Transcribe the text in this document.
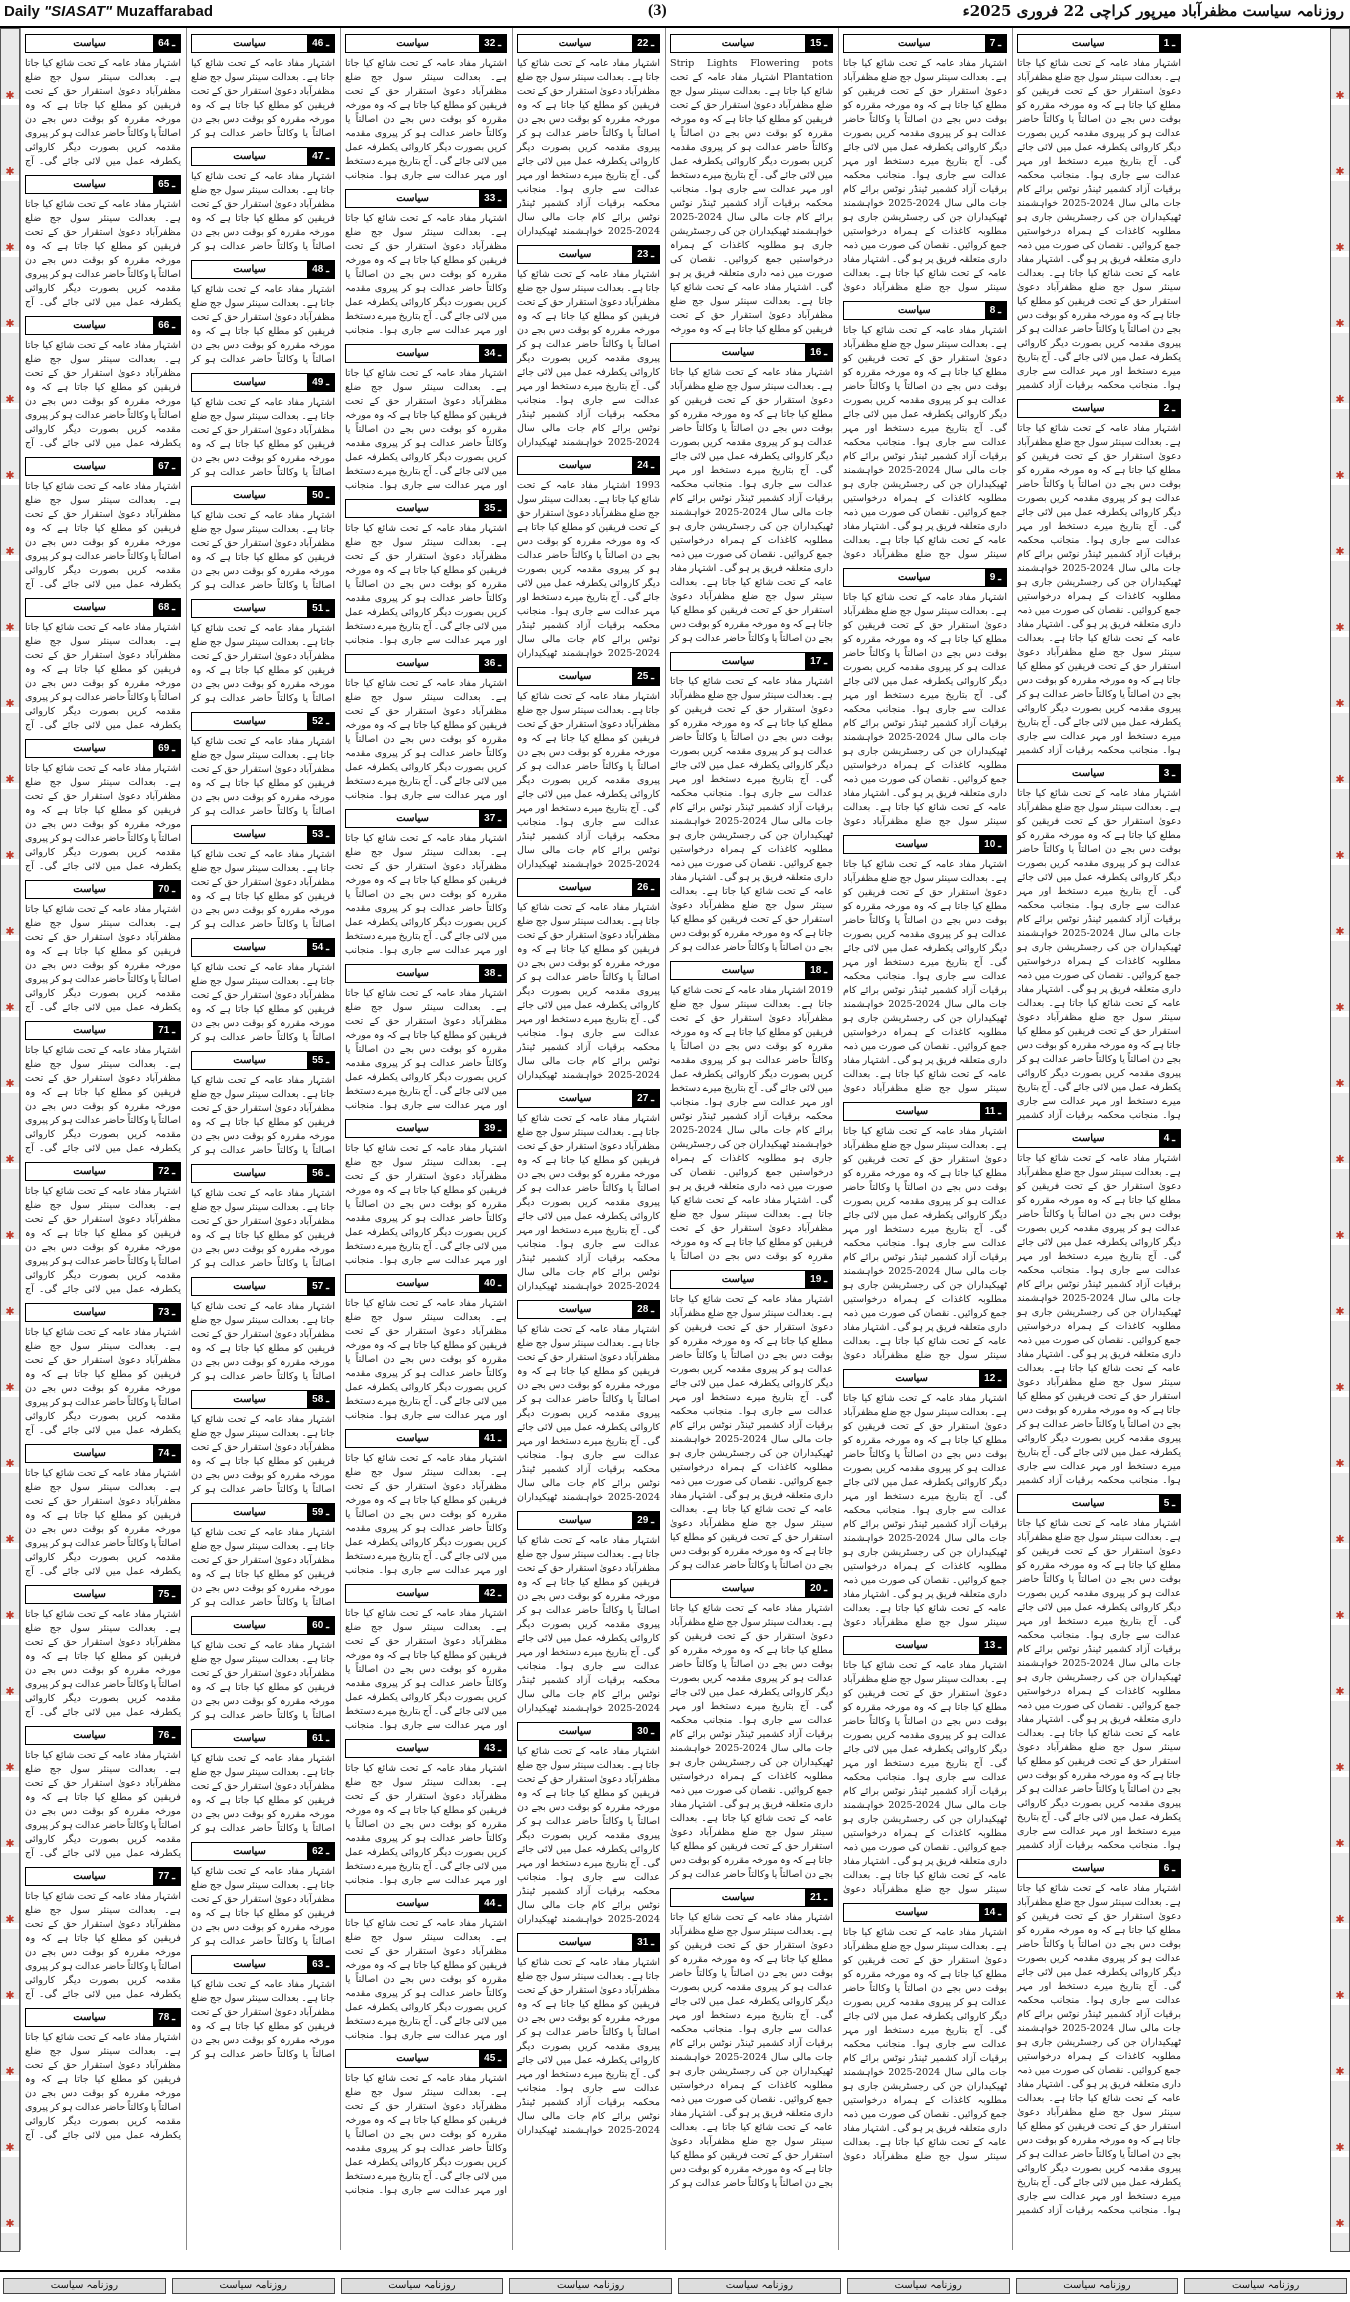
Daily "SIASAT" Muzaffarabad	(3)	روزنامہ سیاست مظفرآباد میرپور کراچی 22 فروری 2025ء
✱
✱
✱
✱
✱
✱
✱
✱
✱
✱
✱
✱
✱
✱
✱
✱
✱
✱
✱
✱
✱
✱
✱
✱
✱
✱
✱
✱
✱
✱
✱
✱
✱
✱
✱
✱
✱
✱
✱
✱
✱
✱
✱
✱
✱
✱
✱
✱
✱
✱
✱
✱
✱
✱
✱
✱
✱
✱
سیاست	1 ـ
اشتہار مفاد عامہ کے تحت شائع کیا جاتا ہے۔ بعدالت سینئر سول جج ضلع مظفرآباد دعویٰ استقرار حق کے تحت فریقین کو مطلع کیا جاتا ہے کہ وہ مورخہ مقررہ کو بوقت دس بجے دن اصالتاً یا وکالتاً حاضر عدالت ہو کر پیروی مقدمہ کریں بصورت دیگر کاروائی یکطرفہ عمل میں لائی جائے گی۔ آج بتاریخ میرے دستخط اور مہر عدالت سے جاری ہوا۔ منجانب محکمہ برقیات آزاد کشمیر ٹینڈر نوٹس برائے کام جات مالی سال 2024-2025 خواہشمند ٹھیکیداران جن کی رجسٹریشن جاری ہو مطلوبہ کاغذات کے ہمراہ درخواستیں جمع کروائیں۔ نقصان کی صورت میں ذمہ داری متعلقہ فریق پر ہو گی۔ اشتہار مفاد عامہ کے تحت شائع کیا جاتا ہے۔ بعدالت سینئر سول جج ضلع مظفرآباد دعویٰ استقرار حق کے تحت فریقین کو مطلع کیا جاتا ہے کہ وہ مورخہ مقررہ کو بوقت دس بجے دن اصالتاً یا وکالتاً حاضر عدالت ہو کر پیروی مقدمہ کریں بصورت دیگر کاروائی یکطرفہ عمل میں لائی جائے گی۔ آج بتاریخ میرے دستخط اور مہر عدالت سے جاری ہوا۔ منجانب محکمہ برقیات آزاد کشمیر
سیاست	2 ـ
اشتہار مفاد عامہ کے تحت شائع کیا جاتا ہے۔ بعدالت سینئر سول جج ضلع مظفرآباد دعویٰ استقرار حق کے تحت فریقین کو مطلع کیا جاتا ہے کہ وہ مورخہ مقررہ کو بوقت دس بجے دن اصالتاً یا وکالتاً حاضر عدالت ہو کر پیروی مقدمہ کریں بصورت دیگر کاروائی یکطرفہ عمل میں لائی جائے گی۔ آج بتاریخ میرے دستخط اور مہر عدالت سے جاری ہوا۔ منجانب محکمہ برقیات آزاد کشمیر ٹینڈر نوٹس برائے کام جات مالی سال 2024-2025 خواہشمند ٹھیکیداران جن کی رجسٹریشن جاری ہو مطلوبہ کاغذات کے ہمراہ درخواستیں جمع کروائیں۔ نقصان کی صورت میں ذمہ داری متعلقہ فریق پر ہو گی۔ اشتہار مفاد عامہ کے تحت شائع کیا جاتا ہے۔ بعدالت سینئر سول جج ضلع مظفرآباد دعویٰ استقرار حق کے تحت فریقین کو مطلع کیا جاتا ہے کہ وہ مورخہ مقررہ کو بوقت دس بجے دن اصالتاً یا وکالتاً حاضر عدالت ہو کر پیروی مقدمہ کریں بصورت دیگر کاروائی یکطرفہ عمل میں لائی جائے گی۔ آج بتاریخ میرے دستخط اور مہر عدالت سے جاری ہوا۔ منجانب محکمہ برقیات آزاد کشمیر
سیاست	3 ـ
اشتہار مفاد عامہ کے تحت شائع کیا جاتا ہے۔ بعدالت سینئر سول جج ضلع مظفرآباد دعویٰ استقرار حق کے تحت فریقین کو مطلع کیا جاتا ہے کہ وہ مورخہ مقررہ کو بوقت دس بجے دن اصالتاً یا وکالتاً حاضر عدالت ہو کر پیروی مقدمہ کریں بصورت دیگر کاروائی یکطرفہ عمل میں لائی جائے گی۔ آج بتاریخ میرے دستخط اور مہر عدالت سے جاری ہوا۔ منجانب محکمہ برقیات آزاد کشمیر ٹینڈر نوٹس برائے کام جات مالی سال 2024-2025 خواہشمند ٹھیکیداران جن کی رجسٹریشن جاری ہو مطلوبہ کاغذات کے ہمراہ درخواستیں جمع کروائیں۔ نقصان کی صورت میں ذمہ داری متعلقہ فریق پر ہو گی۔ اشتہار مفاد عامہ کے تحت شائع کیا جاتا ہے۔ بعدالت سینئر سول جج ضلع مظفرآباد دعویٰ استقرار حق کے تحت فریقین کو مطلع کیا جاتا ہے کہ وہ مورخہ مقررہ کو بوقت دس بجے دن اصالتاً یا وکالتاً حاضر عدالت ہو کر پیروی مقدمہ کریں بصورت دیگر کاروائی یکطرفہ عمل میں لائی جائے گی۔ آج بتاریخ میرے دستخط اور مہر عدالت سے جاری ہوا۔ منجانب محکمہ برقیات آزاد کشمیر
سیاست	4 ـ
اشتہار مفاد عامہ کے تحت شائع کیا جاتا ہے۔ بعدالت سینئر سول جج ضلع مظفرآباد دعویٰ استقرار حق کے تحت فریقین کو مطلع کیا جاتا ہے کہ وہ مورخہ مقررہ کو بوقت دس بجے دن اصالتاً یا وکالتاً حاضر عدالت ہو کر پیروی مقدمہ کریں بصورت دیگر کاروائی یکطرفہ عمل میں لائی جائے گی۔ آج بتاریخ میرے دستخط اور مہر عدالت سے جاری ہوا۔ منجانب محکمہ برقیات آزاد کشمیر ٹینڈر نوٹس برائے کام جات مالی سال 2024-2025 خواہشمند ٹھیکیداران جن کی رجسٹریشن جاری ہو مطلوبہ کاغذات کے ہمراہ درخواستیں جمع کروائیں۔ نقصان کی صورت میں ذمہ داری متعلقہ فریق پر ہو گی۔ اشتہار مفاد عامہ کے تحت شائع کیا جاتا ہے۔ بعدالت سینئر سول جج ضلع مظفرآباد دعویٰ استقرار حق کے تحت فریقین کو مطلع کیا جاتا ہے کہ وہ مورخہ مقررہ کو بوقت دس بجے دن اصالتاً یا وکالتاً حاضر عدالت ہو کر پیروی مقدمہ کریں بصورت دیگر کاروائی یکطرفہ عمل میں لائی جائے گی۔ آج بتاریخ میرے دستخط اور مہر عدالت سے جاری ہوا۔ منجانب محکمہ برقیات آزاد کشمیر
سیاست	5 ـ
اشتہار مفاد عامہ کے تحت شائع کیا جاتا ہے۔ بعدالت سینئر سول جج ضلع مظفرآباد دعویٰ استقرار حق کے تحت فریقین کو مطلع کیا جاتا ہے کہ وہ مورخہ مقررہ کو بوقت دس بجے دن اصالتاً یا وکالتاً حاضر عدالت ہو کر پیروی مقدمہ کریں بصورت دیگر کاروائی یکطرفہ عمل میں لائی جائے گی۔ آج بتاریخ میرے دستخط اور مہر عدالت سے جاری ہوا۔ منجانب محکمہ برقیات آزاد کشمیر ٹینڈر نوٹس برائے کام جات مالی سال 2024-2025 خواہشمند ٹھیکیداران جن کی رجسٹریشن جاری ہو مطلوبہ کاغذات کے ہمراہ درخواستیں جمع کروائیں۔ نقصان کی صورت میں ذمہ داری متعلقہ فریق پر ہو گی۔ اشتہار مفاد عامہ کے تحت شائع کیا جاتا ہے۔ بعدالت سینئر سول جج ضلع مظفرآباد دعویٰ استقرار حق کے تحت فریقین کو مطلع کیا جاتا ہے کہ وہ مورخہ مقررہ کو بوقت دس بجے دن اصالتاً یا وکالتاً حاضر عدالت ہو کر پیروی مقدمہ کریں بصورت دیگر کاروائی یکطرفہ عمل میں لائی جائے گی۔ آج بتاریخ میرے دستخط اور مہر عدالت سے جاری ہوا۔ منجانب محکمہ برقیات آزاد کشمیر
سیاست	6 ـ
اشتہار مفاد عامہ کے تحت شائع کیا جاتا ہے۔ بعدالت سینئر سول جج ضلع مظفرآباد دعویٰ استقرار حق کے تحت فریقین کو مطلع کیا جاتا ہے کہ وہ مورخہ مقررہ کو بوقت دس بجے دن اصالتاً یا وکالتاً حاضر عدالت ہو کر پیروی مقدمہ کریں بصورت دیگر کاروائی یکطرفہ عمل میں لائی جائے گی۔ آج بتاریخ میرے دستخط اور مہر عدالت سے جاری ہوا۔ منجانب محکمہ برقیات آزاد کشمیر ٹینڈر نوٹس برائے کام جات مالی سال 2024-2025 خواہشمند ٹھیکیداران جن کی رجسٹریشن جاری ہو مطلوبہ کاغذات کے ہمراہ درخواستیں جمع کروائیں۔ نقصان کی صورت میں ذمہ داری متعلقہ فریق پر ہو گی۔ اشتہار مفاد عامہ کے تحت شائع کیا جاتا ہے۔ بعدالت سینئر سول جج ضلع مظفرآباد دعویٰ استقرار حق کے تحت فریقین کو مطلع کیا جاتا ہے کہ وہ مورخہ مقررہ کو بوقت دس بجے دن اصالتاً یا وکالتاً حاضر عدالت ہو کر پیروی مقدمہ کریں بصورت دیگر کاروائی یکطرفہ عمل میں لائی جائے گی۔ آج بتاریخ میرے دستخط اور مہر عدالت سے جاری ہوا۔ منجانب محکمہ برقیات آزاد کشمیر
سیاست	7 ـ
اشتہار مفاد عامہ کے تحت شائع کیا جاتا ہے۔ بعدالت سینئر سول جج ضلع مظفرآباد دعویٰ استقرار حق کے تحت فریقین کو مطلع کیا جاتا ہے کہ وہ مورخہ مقررہ کو بوقت دس بجے دن اصالتاً یا وکالتاً حاضر عدالت ہو کر پیروی مقدمہ کریں بصورت دیگر کاروائی یکطرفہ عمل میں لائی جائے گی۔ آج بتاریخ میرے دستخط اور مہر عدالت سے جاری ہوا۔ منجانب محکمہ برقیات آزاد کشمیر ٹینڈر نوٹس برائے کام جات مالی سال 2024-2025 خواہشمند ٹھیکیداران جن کی رجسٹریشن جاری ہو مطلوبہ کاغذات کے ہمراہ درخواستیں جمع کروائیں۔ نقصان کی صورت میں ذمہ داری متعلقہ فریق پر ہو گی۔ اشتہار مفاد عامہ کے تحت شائع کیا جاتا ہے۔ بعدالت سینئر سول جج ضلع مظفرآباد دعویٰ
سیاست	8 ـ
اشتہار مفاد عامہ کے تحت شائع کیا جاتا ہے۔ بعدالت سینئر سول جج ضلع مظفرآباد دعویٰ استقرار حق کے تحت فریقین کو مطلع کیا جاتا ہے کہ وہ مورخہ مقررہ کو بوقت دس بجے دن اصالتاً یا وکالتاً حاضر عدالت ہو کر پیروی مقدمہ کریں بصورت دیگر کاروائی یکطرفہ عمل میں لائی جائے گی۔ آج بتاریخ میرے دستخط اور مہر عدالت سے جاری ہوا۔ منجانب محکمہ برقیات آزاد کشمیر ٹینڈر نوٹس برائے کام جات مالی سال 2024-2025 خواہشمند ٹھیکیداران جن کی رجسٹریشن جاری ہو مطلوبہ کاغذات کے ہمراہ درخواستیں جمع کروائیں۔ نقصان کی صورت میں ذمہ داری متعلقہ فریق پر ہو گی۔ اشتہار مفاد عامہ کے تحت شائع کیا جاتا ہے۔ بعدالت سینئر سول جج ضلع مظفرآباد دعویٰ
سیاست	9 ـ
اشتہار مفاد عامہ کے تحت شائع کیا جاتا ہے۔ بعدالت سینئر سول جج ضلع مظفرآباد دعویٰ استقرار حق کے تحت فریقین کو مطلع کیا جاتا ہے کہ وہ مورخہ مقررہ کو بوقت دس بجے دن اصالتاً یا وکالتاً حاضر عدالت ہو کر پیروی مقدمہ کریں بصورت دیگر کاروائی یکطرفہ عمل میں لائی جائے گی۔ آج بتاریخ میرے دستخط اور مہر عدالت سے جاری ہوا۔ منجانب محکمہ برقیات آزاد کشمیر ٹینڈر نوٹس برائے کام جات مالی سال 2024-2025 خواہشمند ٹھیکیداران جن کی رجسٹریشن جاری ہو مطلوبہ کاغذات کے ہمراہ درخواستیں جمع کروائیں۔ نقصان کی صورت میں ذمہ داری متعلقہ فریق پر ہو گی۔ اشتہار مفاد عامہ کے تحت شائع کیا جاتا ہے۔ بعدالت سینئر سول جج ضلع مظفرآباد دعویٰ
سیاست	10 ـ
اشتہار مفاد عامہ کے تحت شائع کیا جاتا ہے۔ بعدالت سینئر سول جج ضلع مظفرآباد دعویٰ استقرار حق کے تحت فریقین کو مطلع کیا جاتا ہے کہ وہ مورخہ مقررہ کو بوقت دس بجے دن اصالتاً یا وکالتاً حاضر عدالت ہو کر پیروی مقدمہ کریں بصورت دیگر کاروائی یکطرفہ عمل میں لائی جائے گی۔ آج بتاریخ میرے دستخط اور مہر عدالت سے جاری ہوا۔ منجانب محکمہ برقیات آزاد کشمیر ٹینڈر نوٹس برائے کام جات مالی سال 2024-2025 خواہشمند ٹھیکیداران جن کی رجسٹریشن جاری ہو مطلوبہ کاغذات کے ہمراہ درخواستیں جمع کروائیں۔ نقصان کی صورت میں ذمہ داری متعلقہ فریق پر ہو گی۔ اشتہار مفاد عامہ کے تحت شائع کیا جاتا ہے۔ بعدالت سینئر سول جج ضلع مظفرآباد دعویٰ
سیاست	11 ـ
اشتہار مفاد عامہ کے تحت شائع کیا جاتا ہے۔ بعدالت سینئر سول جج ضلع مظفرآباد دعویٰ استقرار حق کے تحت فریقین کو مطلع کیا جاتا ہے کہ وہ مورخہ مقررہ کو بوقت دس بجے دن اصالتاً یا وکالتاً حاضر عدالت ہو کر پیروی مقدمہ کریں بصورت دیگر کاروائی یکطرفہ عمل میں لائی جائے گی۔ آج بتاریخ میرے دستخط اور مہر عدالت سے جاری ہوا۔ منجانب محکمہ برقیات آزاد کشمیر ٹینڈر نوٹس برائے کام جات مالی سال 2024-2025 خواہشمند ٹھیکیداران جن کی رجسٹریشن جاری ہو مطلوبہ کاغذات کے ہمراہ درخواستیں جمع کروائیں۔ نقصان کی صورت میں ذمہ داری متعلقہ فریق پر ہو گی۔ اشتہار مفاد عامہ کے تحت شائع کیا جاتا ہے۔ بعدالت سینئر سول جج ضلع مظفرآباد دعویٰ
سیاست	12 ـ
اشتہار مفاد عامہ کے تحت شائع کیا جاتا ہے۔ بعدالت سینئر سول جج ضلع مظفرآباد دعویٰ استقرار حق کے تحت فریقین کو مطلع کیا جاتا ہے کہ وہ مورخہ مقررہ کو بوقت دس بجے دن اصالتاً یا وکالتاً حاضر عدالت ہو کر پیروی مقدمہ کریں بصورت دیگر کاروائی یکطرفہ عمل میں لائی جائے گی۔ آج بتاریخ میرے دستخط اور مہر عدالت سے جاری ہوا۔ منجانب محکمہ برقیات آزاد کشمیر ٹینڈر نوٹس برائے کام جات مالی سال 2024-2025 خواہشمند ٹھیکیداران جن کی رجسٹریشن جاری ہو مطلوبہ کاغذات کے ہمراہ درخواستیں جمع کروائیں۔ نقصان کی صورت میں ذمہ داری متعلقہ فریق پر ہو گی۔ اشتہار مفاد عامہ کے تحت شائع کیا جاتا ہے۔ بعدالت سینئر سول جج ضلع مظفرآباد دعویٰ
سیاست	13 ـ
اشتہار مفاد عامہ کے تحت شائع کیا جاتا ہے۔ بعدالت سینئر سول جج ضلع مظفرآباد دعویٰ استقرار حق کے تحت فریقین کو مطلع کیا جاتا ہے کہ وہ مورخہ مقررہ کو بوقت دس بجے دن اصالتاً یا وکالتاً حاضر عدالت ہو کر پیروی مقدمہ کریں بصورت دیگر کاروائی یکطرفہ عمل میں لائی جائے گی۔ آج بتاریخ میرے دستخط اور مہر عدالت سے جاری ہوا۔ منجانب محکمہ برقیات آزاد کشمیر ٹینڈر نوٹس برائے کام جات مالی سال 2024-2025 خواہشمند ٹھیکیداران جن کی رجسٹریشن جاری ہو مطلوبہ کاغذات کے ہمراہ درخواستیں جمع کروائیں۔ نقصان کی صورت میں ذمہ داری متعلقہ فریق پر ہو گی۔ اشتہار مفاد عامہ کے تحت شائع کیا جاتا ہے۔ بعدالت سینئر سول جج ضلع مظفرآباد دعویٰ
سیاست	14 ـ
اشتہار مفاد عامہ کے تحت شائع کیا جاتا ہے۔ بعدالت سینئر سول جج ضلع مظفرآباد دعویٰ استقرار حق کے تحت فریقین کو مطلع کیا جاتا ہے کہ وہ مورخہ مقررہ کو بوقت دس بجے دن اصالتاً یا وکالتاً حاضر عدالت ہو کر پیروی مقدمہ کریں بصورت دیگر کاروائی یکطرفہ عمل میں لائی جائے گی۔ آج بتاریخ میرے دستخط اور مہر عدالت سے جاری ہوا۔ منجانب محکمہ برقیات آزاد کشمیر ٹینڈر نوٹس برائے کام جات مالی سال 2024-2025 خواہشمند ٹھیکیداران جن کی رجسٹریشن جاری ہو مطلوبہ کاغذات کے ہمراہ درخواستیں جمع کروائیں۔ نقصان کی صورت میں ذمہ داری متعلقہ فریق پر ہو گی۔ اشتہار مفاد عامہ کے تحت شائع کیا جاتا ہے۔ بعدالت سینئر سول جج ضلع مظفرآباد دعویٰ
سیاست	15 ـ
Strip Lights Flowering pots Plantation اشتہار مفاد عامہ کے تحت شائع کیا جاتا ہے۔ بعدالت سینئر سول جج ضلع مظفرآباد دعویٰ استقرار حق کے تحت فریقین کو مطلع کیا جاتا ہے کہ وہ مورخہ مقررہ کو بوقت دس بجے دن اصالتاً یا وکالتاً حاضر عدالت ہو کر پیروی مقدمہ کریں بصورت دیگر کاروائی یکطرفہ عمل میں لائی جائے گی۔ آج بتاریخ میرے دستخط اور مہر عدالت سے جاری ہوا۔ منجانب محکمہ برقیات آزاد کشمیر ٹینڈر نوٹس برائے کام جات مالی سال 2024-2025 خواہشمند ٹھیکیداران جن کی رجسٹریشن جاری ہو مطلوبہ کاغذات کے ہمراہ درخواستیں جمع کروائیں۔ نقصان کی صورت میں ذمہ داری متعلقہ فریق پر ہو گی۔ اشتہار مفاد عامہ کے تحت شائع کیا جاتا ہے۔ بعدالت سینئر سول جج ضلع مظفرآباد دعویٰ استقرار حق کے تحت فریقین کو مطلع کیا جاتا ہے کہ وہ مورخہ
سیاست	16 ـ
اشتہار مفاد عامہ کے تحت شائع کیا جاتا ہے۔ بعدالت سینئر سول جج ضلع مظفرآباد دعویٰ استقرار حق کے تحت فریقین کو مطلع کیا جاتا ہے کہ وہ مورخہ مقررہ کو بوقت دس بجے دن اصالتاً یا وکالتاً حاضر عدالت ہو کر پیروی مقدمہ کریں بصورت دیگر کاروائی یکطرفہ عمل میں لائی جائے گی۔ آج بتاریخ میرے دستخط اور مہر عدالت سے جاری ہوا۔ منجانب محکمہ برقیات آزاد کشمیر ٹینڈر نوٹس برائے کام جات مالی سال 2024-2025 خواہشمند ٹھیکیداران جن کی رجسٹریشن جاری ہو مطلوبہ کاغذات کے ہمراہ درخواستیں جمع کروائیں۔ نقصان کی صورت میں ذمہ داری متعلقہ فریق پر ہو گی۔ اشتہار مفاد عامہ کے تحت شائع کیا جاتا ہے۔ بعدالت سینئر سول جج ضلع مظفرآباد دعویٰ استقرار حق کے تحت فریقین کو مطلع کیا جاتا ہے کہ وہ مورخہ مقررہ کو بوقت دس بجے دن اصالتاً یا وکالتاً حاضر عدالت ہو کر
سیاست	17 ـ
اشتہار مفاد عامہ کے تحت شائع کیا جاتا ہے۔ بعدالت سینئر سول جج ضلع مظفرآباد دعویٰ استقرار حق کے تحت فریقین کو مطلع کیا جاتا ہے کہ وہ مورخہ مقررہ کو بوقت دس بجے دن اصالتاً یا وکالتاً حاضر عدالت ہو کر پیروی مقدمہ کریں بصورت دیگر کاروائی یکطرفہ عمل میں لائی جائے گی۔ آج بتاریخ میرے دستخط اور مہر عدالت سے جاری ہوا۔ منجانب محکمہ برقیات آزاد کشمیر ٹینڈر نوٹس برائے کام جات مالی سال 2024-2025 خواہشمند ٹھیکیداران جن کی رجسٹریشن جاری ہو مطلوبہ کاغذات کے ہمراہ درخواستیں جمع کروائیں۔ نقصان کی صورت میں ذمہ داری متعلقہ فریق پر ہو گی۔ اشتہار مفاد عامہ کے تحت شائع کیا جاتا ہے۔ بعدالت سینئر سول جج ضلع مظفرآباد دعویٰ استقرار حق کے تحت فریقین کو مطلع کیا جاتا ہے کہ وہ مورخہ مقررہ کو بوقت دس بجے دن اصالتاً یا وکالتاً حاضر عدالت ہو کر
سیاست	18 ـ
2019 اشتہار مفاد عامہ کے تحت شائع کیا جاتا ہے۔ بعدالت سینئر سول جج ضلع مظفرآباد دعویٰ استقرار حق کے تحت فریقین کو مطلع کیا جاتا ہے کہ وہ مورخہ مقررہ کو بوقت دس بجے دن اصالتاً یا وکالتاً حاضر عدالت ہو کر پیروی مقدمہ کریں بصورت دیگر کاروائی یکطرفہ عمل میں لائی جائے گی۔ آج بتاریخ میرے دستخط اور مہر عدالت سے جاری ہوا۔ منجانب محکمہ برقیات آزاد کشمیر ٹینڈر نوٹس برائے کام جات مالی سال 2024-2025 خواہشمند ٹھیکیداران جن کی رجسٹریشن جاری ہو مطلوبہ کاغذات کے ہمراہ درخواستیں جمع کروائیں۔ نقصان کی صورت میں ذمہ داری متعلقہ فریق پر ہو گی۔ اشتہار مفاد عامہ کے تحت شائع کیا جاتا ہے۔ بعدالت سینئر سول جج ضلع مظفرآباد دعویٰ استقرار حق کے تحت فریقین کو مطلع کیا جاتا ہے کہ وہ مورخہ مقررہ کو بوقت دس بجے دن اصالتاً یا
سیاست	19 ـ
اشتہار مفاد عامہ کے تحت شائع کیا جاتا ہے۔ بعدالت سینئر سول جج ضلع مظفرآباد دعویٰ استقرار حق کے تحت فریقین کو مطلع کیا جاتا ہے کہ وہ مورخہ مقررہ کو بوقت دس بجے دن اصالتاً یا وکالتاً حاضر عدالت ہو کر پیروی مقدمہ کریں بصورت دیگر کاروائی یکطرفہ عمل میں لائی جائے گی۔ آج بتاریخ میرے دستخط اور مہر عدالت سے جاری ہوا۔ منجانب محکمہ برقیات آزاد کشمیر ٹینڈر نوٹس برائے کام جات مالی سال 2024-2025 خواہشمند ٹھیکیداران جن کی رجسٹریشن جاری ہو مطلوبہ کاغذات کے ہمراہ درخواستیں جمع کروائیں۔ نقصان کی صورت میں ذمہ داری متعلقہ فریق پر ہو گی۔ اشتہار مفاد عامہ کے تحت شائع کیا جاتا ہے۔ بعدالت سینئر سول جج ضلع مظفرآباد دعویٰ استقرار حق کے تحت فریقین کو مطلع کیا جاتا ہے کہ وہ مورخہ مقررہ کو بوقت دس بجے دن اصالتاً یا وکالتاً حاضر عدالت ہو کر
سیاست	20 ـ
اشتہار مفاد عامہ کے تحت شائع کیا جاتا ہے۔ بعدالت سینئر سول جج ضلع مظفرآباد دعویٰ استقرار حق کے تحت فریقین کو مطلع کیا جاتا ہے کہ وہ مورخہ مقررہ کو بوقت دس بجے دن اصالتاً یا وکالتاً حاضر عدالت ہو کر پیروی مقدمہ کریں بصورت دیگر کاروائی یکطرفہ عمل میں لائی جائے گی۔ آج بتاریخ میرے دستخط اور مہر عدالت سے جاری ہوا۔ منجانب محکمہ برقیات آزاد کشمیر ٹینڈر نوٹس برائے کام جات مالی سال 2024-2025 خواہشمند ٹھیکیداران جن کی رجسٹریشن جاری ہو مطلوبہ کاغذات کے ہمراہ درخواستیں جمع کروائیں۔ نقصان کی صورت میں ذمہ داری متعلقہ فریق پر ہو گی۔ اشتہار مفاد عامہ کے تحت شائع کیا جاتا ہے۔ بعدالت سینئر سول جج ضلع مظفرآباد دعویٰ استقرار حق کے تحت فریقین کو مطلع کیا جاتا ہے کہ وہ مورخہ مقررہ کو بوقت دس بجے دن اصالتاً یا وکالتاً حاضر عدالت ہو کر
سیاست	21 ـ
اشتہار مفاد عامہ کے تحت شائع کیا جاتا ہے۔ بعدالت سینئر سول جج ضلع مظفرآباد دعویٰ استقرار حق کے تحت فریقین کو مطلع کیا جاتا ہے کہ وہ مورخہ مقررہ کو بوقت دس بجے دن اصالتاً یا وکالتاً حاضر عدالت ہو کر پیروی مقدمہ کریں بصورت دیگر کاروائی یکطرفہ عمل میں لائی جائے گی۔ آج بتاریخ میرے دستخط اور مہر عدالت سے جاری ہوا۔ منجانب محکمہ برقیات آزاد کشمیر ٹینڈر نوٹس برائے کام جات مالی سال 2024-2025 خواہشمند ٹھیکیداران جن کی رجسٹریشن جاری ہو مطلوبہ کاغذات کے ہمراہ درخواستیں جمع کروائیں۔ نقصان کی صورت میں ذمہ داری متعلقہ فریق پر ہو گی۔ اشتہار مفاد عامہ کے تحت شائع کیا جاتا ہے۔ بعدالت سینئر سول جج ضلع مظفرآباد دعویٰ استقرار حق کے تحت فریقین کو مطلع کیا جاتا ہے کہ وہ مورخہ مقررہ کو بوقت دس بجے دن اصالتاً یا وکالتاً حاضر عدالت ہو کر
سیاست	22 ـ
اشتہار مفاد عامہ کے تحت شائع کیا جاتا ہے۔ بعدالت سینئر سول جج ضلع مظفرآباد دعویٰ استقرار حق کے تحت فریقین کو مطلع کیا جاتا ہے کہ وہ مورخہ مقررہ کو بوقت دس بجے دن اصالتاً یا وکالتاً حاضر عدالت ہو کر پیروی مقدمہ کریں بصورت دیگر کاروائی یکطرفہ عمل میں لائی جائے گی۔ آج بتاریخ میرے دستخط اور مہر عدالت سے جاری ہوا۔ منجانب محکمہ برقیات آزاد کشمیر ٹینڈر نوٹس برائے کام جات مالی سال 2024-2025 خواہشمند ٹھیکیداران
سیاست	23 ـ
اشتہار مفاد عامہ کے تحت شائع کیا جاتا ہے۔ بعدالت سینئر سول جج ضلع مظفرآباد دعویٰ استقرار حق کے تحت فریقین کو مطلع کیا جاتا ہے کہ وہ مورخہ مقررہ کو بوقت دس بجے دن اصالتاً یا وکالتاً حاضر عدالت ہو کر پیروی مقدمہ کریں بصورت دیگر کاروائی یکطرفہ عمل میں لائی جائے گی۔ آج بتاریخ میرے دستخط اور مہر عدالت سے جاری ہوا۔ منجانب محکمہ برقیات آزاد کشمیر ٹینڈر نوٹس برائے کام جات مالی سال 2024-2025 خواہشمند ٹھیکیداران
سیاست	24 ـ
1993 اشتہار مفاد عامہ کے تحت شائع کیا جاتا ہے۔ بعدالت سینئر سول جج ضلع مظفرآباد دعویٰ استقرار حق کے تحت فریقین کو مطلع کیا جاتا ہے کہ وہ مورخہ مقررہ کو بوقت دس بجے دن اصالتاً یا وکالتاً حاضر عدالت ہو کر پیروی مقدمہ کریں بصورت دیگر کاروائی یکطرفہ عمل میں لائی جائے گی۔ آج بتاریخ میرے دستخط اور مہر عدالت سے جاری ہوا۔ منجانب محکمہ برقیات آزاد کشمیر ٹینڈر نوٹس برائے کام جات مالی سال 2024-2025 خواہشمند ٹھیکیداران
سیاست	25 ـ
اشتہار مفاد عامہ کے تحت شائع کیا جاتا ہے۔ بعدالت سینئر سول جج ضلع مظفرآباد دعویٰ استقرار حق کے تحت فریقین کو مطلع کیا جاتا ہے کہ وہ مورخہ مقررہ کو بوقت دس بجے دن اصالتاً یا وکالتاً حاضر عدالت ہو کر پیروی مقدمہ کریں بصورت دیگر کاروائی یکطرفہ عمل میں لائی جائے گی۔ آج بتاریخ میرے دستخط اور مہر عدالت سے جاری ہوا۔ منجانب محکمہ برقیات آزاد کشمیر ٹینڈر نوٹس برائے کام جات مالی سال 2024-2025 خواہشمند ٹھیکیداران
سیاست	26 ـ
اشتہار مفاد عامہ کے تحت شائع کیا جاتا ہے۔ بعدالت سینئر سول جج ضلع مظفرآباد دعویٰ استقرار حق کے تحت فریقین کو مطلع کیا جاتا ہے کہ وہ مورخہ مقررہ کو بوقت دس بجے دن اصالتاً یا وکالتاً حاضر عدالت ہو کر پیروی مقدمہ کریں بصورت دیگر کاروائی یکطرفہ عمل میں لائی جائے گی۔ آج بتاریخ میرے دستخط اور مہر عدالت سے جاری ہوا۔ منجانب محکمہ برقیات آزاد کشمیر ٹینڈر نوٹس برائے کام جات مالی سال 2024-2025 خواہشمند ٹھیکیداران
سیاست	27 ـ
اشتہار مفاد عامہ کے تحت شائع کیا جاتا ہے۔ بعدالت سینئر سول جج ضلع مظفرآباد دعویٰ استقرار حق کے تحت فریقین کو مطلع کیا جاتا ہے کہ وہ مورخہ مقررہ کو بوقت دس بجے دن اصالتاً یا وکالتاً حاضر عدالت ہو کر پیروی مقدمہ کریں بصورت دیگر کاروائی یکطرفہ عمل میں لائی جائے گی۔ آج بتاریخ میرے دستخط اور مہر عدالت سے جاری ہوا۔ منجانب محکمہ برقیات آزاد کشمیر ٹینڈر نوٹس برائے کام جات مالی سال 2024-2025 خواہشمند ٹھیکیداران
سیاست	28 ـ
اشتہار مفاد عامہ کے تحت شائع کیا جاتا ہے۔ بعدالت سینئر سول جج ضلع مظفرآباد دعویٰ استقرار حق کے تحت فریقین کو مطلع کیا جاتا ہے کہ وہ مورخہ مقررہ کو بوقت دس بجے دن اصالتاً یا وکالتاً حاضر عدالت ہو کر پیروی مقدمہ کریں بصورت دیگر کاروائی یکطرفہ عمل میں لائی جائے گی۔ آج بتاریخ میرے دستخط اور مہر عدالت سے جاری ہوا۔ منجانب محکمہ برقیات آزاد کشمیر ٹینڈر نوٹس برائے کام جات مالی سال 2024-2025 خواہشمند ٹھیکیداران
سیاست	29 ـ
اشتہار مفاد عامہ کے تحت شائع کیا جاتا ہے۔ بعدالت سینئر سول جج ضلع مظفرآباد دعویٰ استقرار حق کے تحت فریقین کو مطلع کیا جاتا ہے کہ وہ مورخہ مقررہ کو بوقت دس بجے دن اصالتاً یا وکالتاً حاضر عدالت ہو کر پیروی مقدمہ کریں بصورت دیگر کاروائی یکطرفہ عمل میں لائی جائے گی۔ آج بتاریخ میرے دستخط اور مہر عدالت سے جاری ہوا۔ منجانب محکمہ برقیات آزاد کشمیر ٹینڈر نوٹس برائے کام جات مالی سال 2024-2025 خواہشمند ٹھیکیداران
سیاست	30 ـ
اشتہار مفاد عامہ کے تحت شائع کیا جاتا ہے۔ بعدالت سینئر سول جج ضلع مظفرآباد دعویٰ استقرار حق کے تحت فریقین کو مطلع کیا جاتا ہے کہ وہ مورخہ مقررہ کو بوقت دس بجے دن اصالتاً یا وکالتاً حاضر عدالت ہو کر پیروی مقدمہ کریں بصورت دیگر کاروائی یکطرفہ عمل میں لائی جائے گی۔ آج بتاریخ میرے دستخط اور مہر عدالت سے جاری ہوا۔ منجانب محکمہ برقیات آزاد کشمیر ٹینڈر نوٹس برائے کام جات مالی سال 2024-2025 خواہشمند ٹھیکیداران
سیاست	31 ـ
اشتہار مفاد عامہ کے تحت شائع کیا جاتا ہے۔ بعدالت سینئر سول جج ضلع مظفرآباد دعویٰ استقرار حق کے تحت فریقین کو مطلع کیا جاتا ہے کہ وہ مورخہ مقررہ کو بوقت دس بجے دن اصالتاً یا وکالتاً حاضر عدالت ہو کر پیروی مقدمہ کریں بصورت دیگر کاروائی یکطرفہ عمل میں لائی جائے گی۔ آج بتاریخ میرے دستخط اور مہر عدالت سے جاری ہوا۔ منجانب محکمہ برقیات آزاد کشمیر ٹینڈر نوٹس برائے کام جات مالی سال 2024-2025 خواہشمند ٹھیکیداران
سیاست	32 ـ
اشتہار مفاد عامہ کے تحت شائع کیا جاتا ہے۔ بعدالت سینئر سول جج ضلع مظفرآباد دعویٰ استقرار حق کے تحت فریقین کو مطلع کیا جاتا ہے کہ وہ مورخہ مقررہ کو بوقت دس بجے دن اصالتاً یا وکالتاً حاضر عدالت ہو کر پیروی مقدمہ کریں بصورت دیگر کاروائی یکطرفہ عمل میں لائی جائے گی۔ آج بتاریخ میرے دستخط اور مہر عدالت سے جاری ہوا۔ منجانب
سیاست	33 ـ
اشتہار مفاد عامہ کے تحت شائع کیا جاتا ہے۔ بعدالت سینئر سول جج ضلع مظفرآباد دعویٰ استقرار حق کے تحت فریقین کو مطلع کیا جاتا ہے کہ وہ مورخہ مقررہ کو بوقت دس بجے دن اصالتاً یا وکالتاً حاضر عدالت ہو کر پیروی مقدمہ کریں بصورت دیگر کاروائی یکطرفہ عمل میں لائی جائے گی۔ آج بتاریخ میرے دستخط اور مہر عدالت سے جاری ہوا۔ منجانب
سیاست	34 ـ
اشتہار مفاد عامہ کے تحت شائع کیا جاتا ہے۔ بعدالت سینئر سول جج ضلع مظفرآباد دعویٰ استقرار حق کے تحت فریقین کو مطلع کیا جاتا ہے کہ وہ مورخہ مقررہ کو بوقت دس بجے دن اصالتاً یا وکالتاً حاضر عدالت ہو کر پیروی مقدمہ کریں بصورت دیگر کاروائی یکطرفہ عمل میں لائی جائے گی۔ آج بتاریخ میرے دستخط اور مہر عدالت سے جاری ہوا۔ منجانب
سیاست	35 ـ
اشتہار مفاد عامہ کے تحت شائع کیا جاتا ہے۔ بعدالت سینئر سول جج ضلع مظفرآباد دعویٰ استقرار حق کے تحت فریقین کو مطلع کیا جاتا ہے کہ وہ مورخہ مقررہ کو بوقت دس بجے دن اصالتاً یا وکالتاً حاضر عدالت ہو کر پیروی مقدمہ کریں بصورت دیگر کاروائی یکطرفہ عمل میں لائی جائے گی۔ آج بتاریخ میرے دستخط اور مہر عدالت سے جاری ہوا۔ منجانب
سیاست	36 ـ
اشتہار مفاد عامہ کے تحت شائع کیا جاتا ہے۔ بعدالت سینئر سول جج ضلع مظفرآباد دعویٰ استقرار حق کے تحت فریقین کو مطلع کیا جاتا ہے کہ وہ مورخہ مقررہ کو بوقت دس بجے دن اصالتاً یا وکالتاً حاضر عدالت ہو کر پیروی مقدمہ کریں بصورت دیگر کاروائی یکطرفہ عمل میں لائی جائے گی۔ آج بتاریخ میرے دستخط اور مہر عدالت سے جاری ہوا۔ منجانب
سیاست	37 ـ
اشتہار مفاد عامہ کے تحت شائع کیا جاتا ہے۔ بعدالت سینئر سول جج ضلع مظفرآباد دعویٰ استقرار حق کے تحت فریقین کو مطلع کیا جاتا ہے کہ وہ مورخہ مقررہ کو بوقت دس بجے دن اصالتاً یا وکالتاً حاضر عدالت ہو کر پیروی مقدمہ کریں بصورت دیگر کاروائی یکطرفہ عمل میں لائی جائے گی۔ آج بتاریخ میرے دستخط اور مہر عدالت سے جاری ہوا۔ منجانب
سیاست	38 ـ
اشتہار مفاد عامہ کے تحت شائع کیا جاتا ہے۔ بعدالت سینئر سول جج ضلع مظفرآباد دعویٰ استقرار حق کے تحت فریقین کو مطلع کیا جاتا ہے کہ وہ مورخہ مقررہ کو بوقت دس بجے دن اصالتاً یا وکالتاً حاضر عدالت ہو کر پیروی مقدمہ کریں بصورت دیگر کاروائی یکطرفہ عمل میں لائی جائے گی۔ آج بتاریخ میرے دستخط اور مہر عدالت سے جاری ہوا۔ منجانب
سیاست	39 ـ
اشتہار مفاد عامہ کے تحت شائع کیا جاتا ہے۔ بعدالت سینئر سول جج ضلع مظفرآباد دعویٰ استقرار حق کے تحت فریقین کو مطلع کیا جاتا ہے کہ وہ مورخہ مقررہ کو بوقت دس بجے دن اصالتاً یا وکالتاً حاضر عدالت ہو کر پیروی مقدمہ کریں بصورت دیگر کاروائی یکطرفہ عمل میں لائی جائے گی۔ آج بتاریخ میرے دستخط اور مہر عدالت سے جاری ہوا۔ منجانب
سیاست	40 ـ
اشتہار مفاد عامہ کے تحت شائع کیا جاتا ہے۔ بعدالت سینئر سول جج ضلع مظفرآباد دعویٰ استقرار حق کے تحت فریقین کو مطلع کیا جاتا ہے کہ وہ مورخہ مقررہ کو بوقت دس بجے دن اصالتاً یا وکالتاً حاضر عدالت ہو کر پیروی مقدمہ کریں بصورت دیگر کاروائی یکطرفہ عمل میں لائی جائے گی۔ آج بتاریخ میرے دستخط اور مہر عدالت سے جاری ہوا۔ منجانب
سیاست	41 ـ
اشتہار مفاد عامہ کے تحت شائع کیا جاتا ہے۔ بعدالت سینئر سول جج ضلع مظفرآباد دعویٰ استقرار حق کے تحت فریقین کو مطلع کیا جاتا ہے کہ وہ مورخہ مقررہ کو بوقت دس بجے دن اصالتاً یا وکالتاً حاضر عدالت ہو کر پیروی مقدمہ کریں بصورت دیگر کاروائی یکطرفہ عمل میں لائی جائے گی۔ آج بتاریخ میرے دستخط اور مہر عدالت سے جاری ہوا۔ منجانب
سیاست	42 ـ
اشتہار مفاد عامہ کے تحت شائع کیا جاتا ہے۔ بعدالت سینئر سول جج ضلع مظفرآباد دعویٰ استقرار حق کے تحت فریقین کو مطلع کیا جاتا ہے کہ وہ مورخہ مقررہ کو بوقت دس بجے دن اصالتاً یا وکالتاً حاضر عدالت ہو کر پیروی مقدمہ کریں بصورت دیگر کاروائی یکطرفہ عمل میں لائی جائے گی۔ آج بتاریخ میرے دستخط اور مہر عدالت سے جاری ہوا۔ منجانب
سیاست	43 ـ
اشتہار مفاد عامہ کے تحت شائع کیا جاتا ہے۔ بعدالت سینئر سول جج ضلع مظفرآباد دعویٰ استقرار حق کے تحت فریقین کو مطلع کیا جاتا ہے کہ وہ مورخہ مقررہ کو بوقت دس بجے دن اصالتاً یا وکالتاً حاضر عدالت ہو کر پیروی مقدمہ کریں بصورت دیگر کاروائی یکطرفہ عمل میں لائی جائے گی۔ آج بتاریخ میرے دستخط اور مہر عدالت سے جاری ہوا۔ منجانب
سیاست	44 ـ
اشتہار مفاد عامہ کے تحت شائع کیا جاتا ہے۔ بعدالت سینئر سول جج ضلع مظفرآباد دعویٰ استقرار حق کے تحت فریقین کو مطلع کیا جاتا ہے کہ وہ مورخہ مقررہ کو بوقت دس بجے دن اصالتاً یا وکالتاً حاضر عدالت ہو کر پیروی مقدمہ کریں بصورت دیگر کاروائی یکطرفہ عمل میں لائی جائے گی۔ آج بتاریخ میرے دستخط اور مہر عدالت سے جاری ہوا۔ منجانب
سیاست	45 ـ
اشتہار مفاد عامہ کے تحت شائع کیا جاتا ہے۔ بعدالت سینئر سول جج ضلع مظفرآباد دعویٰ استقرار حق کے تحت فریقین کو مطلع کیا جاتا ہے کہ وہ مورخہ مقررہ کو بوقت دس بجے دن اصالتاً یا وکالتاً حاضر عدالت ہو کر پیروی مقدمہ کریں بصورت دیگر کاروائی یکطرفہ عمل میں لائی جائے گی۔ آج بتاریخ میرے دستخط اور مہر عدالت سے جاری ہوا۔ منجانب
سیاست	46 ـ
اشتہار مفاد عامہ کے تحت شائع کیا جاتا ہے۔ بعدالت سینئر سول جج ضلع مظفرآباد دعویٰ استقرار حق کے تحت فریقین کو مطلع کیا جاتا ہے کہ وہ مورخہ مقررہ کو بوقت دس بجے دن اصالتاً یا وکالتاً حاضر عدالت ہو کر
سیاست	47 ـ
اشتہار مفاد عامہ کے تحت شائع کیا جاتا ہے۔ بعدالت سینئر سول جج ضلع مظفرآباد دعویٰ استقرار حق کے تحت فریقین کو مطلع کیا جاتا ہے کہ وہ مورخہ مقررہ کو بوقت دس بجے دن اصالتاً یا وکالتاً حاضر عدالت ہو کر
سیاست	48 ـ
اشتہار مفاد عامہ کے تحت شائع کیا جاتا ہے۔ بعدالت سینئر سول جج ضلع مظفرآباد دعویٰ استقرار حق کے تحت فریقین کو مطلع کیا جاتا ہے کہ وہ مورخہ مقررہ کو بوقت دس بجے دن اصالتاً یا وکالتاً حاضر عدالت ہو کر
سیاست	49 ـ
اشتہار مفاد عامہ کے تحت شائع کیا جاتا ہے۔ بعدالت سینئر سول جج ضلع مظفرآباد دعویٰ استقرار حق کے تحت فریقین کو مطلع کیا جاتا ہے کہ وہ مورخہ مقررہ کو بوقت دس بجے دن اصالتاً یا وکالتاً حاضر عدالت ہو کر
سیاست	50 ـ
اشتہار مفاد عامہ کے تحت شائع کیا جاتا ہے۔ بعدالت سینئر سول جج ضلع مظفرآباد دعویٰ استقرار حق کے تحت فریقین کو مطلع کیا جاتا ہے کہ وہ مورخہ مقررہ کو بوقت دس بجے دن اصالتاً یا وکالتاً حاضر عدالت ہو کر
سیاست	51 ـ
اشتہار مفاد عامہ کے تحت شائع کیا جاتا ہے۔ بعدالت سینئر سول جج ضلع مظفرآباد دعویٰ استقرار حق کے تحت فریقین کو مطلع کیا جاتا ہے کہ وہ مورخہ مقررہ کو بوقت دس بجے دن اصالتاً یا وکالتاً حاضر عدالت ہو کر
سیاست	52 ـ
اشتہار مفاد عامہ کے تحت شائع کیا جاتا ہے۔ بعدالت سینئر سول جج ضلع مظفرآباد دعویٰ استقرار حق کے تحت فریقین کو مطلع کیا جاتا ہے کہ وہ مورخہ مقررہ کو بوقت دس بجے دن اصالتاً یا وکالتاً حاضر عدالت ہو کر
سیاست	53 ـ
اشتہار مفاد عامہ کے تحت شائع کیا جاتا ہے۔ بعدالت سینئر سول جج ضلع مظفرآباد دعویٰ استقرار حق کے تحت فریقین کو مطلع کیا جاتا ہے کہ وہ مورخہ مقررہ کو بوقت دس بجے دن اصالتاً یا وکالتاً حاضر عدالت ہو کر
سیاست	54 ـ
اشتہار مفاد عامہ کے تحت شائع کیا جاتا ہے۔ بعدالت سینئر سول جج ضلع مظفرآباد دعویٰ استقرار حق کے تحت فریقین کو مطلع کیا جاتا ہے کہ وہ مورخہ مقررہ کو بوقت دس بجے دن اصالتاً یا وکالتاً حاضر عدالت ہو کر
سیاست	55 ـ
اشتہار مفاد عامہ کے تحت شائع کیا جاتا ہے۔ بعدالت سینئر سول جج ضلع مظفرآباد دعویٰ استقرار حق کے تحت فریقین کو مطلع کیا جاتا ہے کہ وہ مورخہ مقررہ کو بوقت دس بجے دن اصالتاً یا وکالتاً حاضر عدالت ہو کر
سیاست	56 ـ
اشتہار مفاد عامہ کے تحت شائع کیا جاتا ہے۔ بعدالت سینئر سول جج ضلع مظفرآباد دعویٰ استقرار حق کے تحت فریقین کو مطلع کیا جاتا ہے کہ وہ مورخہ مقررہ کو بوقت دس بجے دن اصالتاً یا وکالتاً حاضر عدالت ہو کر
سیاست	57 ـ
اشتہار مفاد عامہ کے تحت شائع کیا جاتا ہے۔ بعدالت سینئر سول جج ضلع مظفرآباد دعویٰ استقرار حق کے تحت فریقین کو مطلع کیا جاتا ہے کہ وہ مورخہ مقررہ کو بوقت دس بجے دن اصالتاً یا وکالتاً حاضر عدالت ہو کر
سیاست	58 ـ
اشتہار مفاد عامہ کے تحت شائع کیا جاتا ہے۔ بعدالت سینئر سول جج ضلع مظفرآباد دعویٰ استقرار حق کے تحت فریقین کو مطلع کیا جاتا ہے کہ وہ مورخہ مقررہ کو بوقت دس بجے دن اصالتاً یا وکالتاً حاضر عدالت ہو کر
سیاست	59 ـ
اشتہار مفاد عامہ کے تحت شائع کیا جاتا ہے۔ بعدالت سینئر سول جج ضلع مظفرآباد دعویٰ استقرار حق کے تحت فریقین کو مطلع کیا جاتا ہے کہ وہ مورخہ مقررہ کو بوقت دس بجے دن اصالتاً یا وکالتاً حاضر عدالت ہو کر
سیاست	60 ـ
اشتہار مفاد عامہ کے تحت شائع کیا جاتا ہے۔ بعدالت سینئر سول جج ضلع مظفرآباد دعویٰ استقرار حق کے تحت فریقین کو مطلع کیا جاتا ہے کہ وہ مورخہ مقررہ کو بوقت دس بجے دن اصالتاً یا وکالتاً حاضر عدالت ہو کر
سیاست	61 ـ
اشتہار مفاد عامہ کے تحت شائع کیا جاتا ہے۔ بعدالت سینئر سول جج ضلع مظفرآباد دعویٰ استقرار حق کے تحت فریقین کو مطلع کیا جاتا ہے کہ وہ مورخہ مقررہ کو بوقت دس بجے دن اصالتاً یا وکالتاً حاضر عدالت ہو کر
سیاست	62 ـ
اشتہار مفاد عامہ کے تحت شائع کیا جاتا ہے۔ بعدالت سینئر سول جج ضلع مظفرآباد دعویٰ استقرار حق کے تحت فریقین کو مطلع کیا جاتا ہے کہ وہ مورخہ مقررہ کو بوقت دس بجے دن اصالتاً یا وکالتاً حاضر عدالت ہو کر
سیاست	63 ـ
اشتہار مفاد عامہ کے تحت شائع کیا جاتا ہے۔ بعدالت سینئر سول جج ضلع مظفرآباد دعویٰ استقرار حق کے تحت فریقین کو مطلع کیا جاتا ہے کہ وہ مورخہ مقررہ کو بوقت دس بجے دن اصالتاً یا وکالتاً حاضر عدالت ہو کر
سیاست	64 ـ
اشتہار مفاد عامہ کے تحت شائع کیا جاتا ہے۔ بعدالت سینئر سول جج ضلع مظفرآباد دعویٰ استقرار حق کے تحت فریقین کو مطلع کیا جاتا ہے کہ وہ مورخہ مقررہ کو بوقت دس بجے دن اصالتاً یا وکالتاً حاضر عدالت ہو کر پیروی مقدمہ کریں بصورت دیگر کاروائی یکطرفہ عمل میں لائی جائے گی۔ آج
سیاست	65 ـ
اشتہار مفاد عامہ کے تحت شائع کیا جاتا ہے۔ بعدالت سینئر سول جج ضلع مظفرآباد دعویٰ استقرار حق کے تحت فریقین کو مطلع کیا جاتا ہے کہ وہ مورخہ مقررہ کو بوقت دس بجے دن اصالتاً یا وکالتاً حاضر عدالت ہو کر پیروی مقدمہ کریں بصورت دیگر کاروائی یکطرفہ عمل میں لائی جائے گی۔ آج
سیاست	66 ـ
اشتہار مفاد عامہ کے تحت شائع کیا جاتا ہے۔ بعدالت سینئر سول جج ضلع مظفرآباد دعویٰ استقرار حق کے تحت فریقین کو مطلع کیا جاتا ہے کہ وہ مورخہ مقررہ کو بوقت دس بجے دن اصالتاً یا وکالتاً حاضر عدالت ہو کر پیروی مقدمہ کریں بصورت دیگر کاروائی یکطرفہ عمل میں لائی جائے گی۔ آج
سیاست	67 ـ
اشتہار مفاد عامہ کے تحت شائع کیا جاتا ہے۔ بعدالت سینئر سول جج ضلع مظفرآباد دعویٰ استقرار حق کے تحت فریقین کو مطلع کیا جاتا ہے کہ وہ مورخہ مقررہ کو بوقت دس بجے دن اصالتاً یا وکالتاً حاضر عدالت ہو کر پیروی مقدمہ کریں بصورت دیگر کاروائی یکطرفہ عمل میں لائی جائے گی۔ آج
سیاست	68 ـ
اشتہار مفاد عامہ کے تحت شائع کیا جاتا ہے۔ بعدالت سینئر سول جج ضلع مظفرآباد دعویٰ استقرار حق کے تحت فریقین کو مطلع کیا جاتا ہے کہ وہ مورخہ مقررہ کو بوقت دس بجے دن اصالتاً یا وکالتاً حاضر عدالت ہو کر پیروی مقدمہ کریں بصورت دیگر کاروائی یکطرفہ عمل میں لائی جائے گی۔ آج
سیاست	69 ـ
اشتہار مفاد عامہ کے تحت شائع کیا جاتا ہے۔ بعدالت سینئر سول جج ضلع مظفرآباد دعویٰ استقرار حق کے تحت فریقین کو مطلع کیا جاتا ہے کہ وہ مورخہ مقررہ کو بوقت دس بجے دن اصالتاً یا وکالتاً حاضر عدالت ہو کر پیروی مقدمہ کریں بصورت دیگر کاروائی یکطرفہ عمل میں لائی جائے گی۔ آج
سیاست	70 ـ
اشتہار مفاد عامہ کے تحت شائع کیا جاتا ہے۔ بعدالت سینئر سول جج ضلع مظفرآباد دعویٰ استقرار حق کے تحت فریقین کو مطلع کیا جاتا ہے کہ وہ مورخہ مقررہ کو بوقت دس بجے دن اصالتاً یا وکالتاً حاضر عدالت ہو کر پیروی مقدمہ کریں بصورت دیگر کاروائی یکطرفہ عمل میں لائی جائے گی۔ آج
سیاست	71 ـ
اشتہار مفاد عامہ کے تحت شائع کیا جاتا ہے۔ بعدالت سینئر سول جج ضلع مظفرآباد دعویٰ استقرار حق کے تحت فریقین کو مطلع کیا جاتا ہے کہ وہ مورخہ مقررہ کو بوقت دس بجے دن اصالتاً یا وکالتاً حاضر عدالت ہو کر پیروی مقدمہ کریں بصورت دیگر کاروائی یکطرفہ عمل میں لائی جائے گی۔ آج
سیاست	72 ـ
اشتہار مفاد عامہ کے تحت شائع کیا جاتا ہے۔ بعدالت سینئر سول جج ضلع مظفرآباد دعویٰ استقرار حق کے تحت فریقین کو مطلع کیا جاتا ہے کہ وہ مورخہ مقررہ کو بوقت دس بجے دن اصالتاً یا وکالتاً حاضر عدالت ہو کر پیروی مقدمہ کریں بصورت دیگر کاروائی یکطرفہ عمل میں لائی جائے گی۔ آج
سیاست	73 ـ
اشتہار مفاد عامہ کے تحت شائع کیا جاتا ہے۔ بعدالت سینئر سول جج ضلع مظفرآباد دعویٰ استقرار حق کے تحت فریقین کو مطلع کیا جاتا ہے کہ وہ مورخہ مقررہ کو بوقت دس بجے دن اصالتاً یا وکالتاً حاضر عدالت ہو کر پیروی مقدمہ کریں بصورت دیگر کاروائی یکطرفہ عمل میں لائی جائے گی۔ آج
سیاست	74 ـ
اشتہار مفاد عامہ کے تحت شائع کیا جاتا ہے۔ بعدالت سینئر سول جج ضلع مظفرآباد دعویٰ استقرار حق کے تحت فریقین کو مطلع کیا جاتا ہے کہ وہ مورخہ مقررہ کو بوقت دس بجے دن اصالتاً یا وکالتاً حاضر عدالت ہو کر پیروی مقدمہ کریں بصورت دیگر کاروائی یکطرفہ عمل میں لائی جائے گی۔ آج
سیاست	75 ـ
اشتہار مفاد عامہ کے تحت شائع کیا جاتا ہے۔ بعدالت سینئر سول جج ضلع مظفرآباد دعویٰ استقرار حق کے تحت فریقین کو مطلع کیا جاتا ہے کہ وہ مورخہ مقررہ کو بوقت دس بجے دن اصالتاً یا وکالتاً حاضر عدالت ہو کر پیروی مقدمہ کریں بصورت دیگر کاروائی یکطرفہ عمل میں لائی جائے گی۔ آج
سیاست	76 ـ
اشتہار مفاد عامہ کے تحت شائع کیا جاتا ہے۔ بعدالت سینئر سول جج ضلع مظفرآباد دعویٰ استقرار حق کے تحت فریقین کو مطلع کیا جاتا ہے کہ وہ مورخہ مقررہ کو بوقت دس بجے دن اصالتاً یا وکالتاً حاضر عدالت ہو کر پیروی مقدمہ کریں بصورت دیگر کاروائی یکطرفہ عمل میں لائی جائے گی۔ آج
سیاست	77 ـ
اشتہار مفاد عامہ کے تحت شائع کیا جاتا ہے۔ بعدالت سینئر سول جج ضلع مظفرآباد دعویٰ استقرار حق کے تحت فریقین کو مطلع کیا جاتا ہے کہ وہ مورخہ مقررہ کو بوقت دس بجے دن اصالتاً یا وکالتاً حاضر عدالت ہو کر پیروی مقدمہ کریں بصورت دیگر کاروائی یکطرفہ عمل میں لائی جائے گی۔ آج
سیاست	78 ـ
اشتہار مفاد عامہ کے تحت شائع کیا جاتا ہے۔ بعدالت سینئر سول جج ضلع مظفرآباد دعویٰ استقرار حق کے تحت فریقین کو مطلع کیا جاتا ہے کہ وہ مورخہ مقررہ کو بوقت دس بجے دن اصالتاً یا وکالتاً حاضر عدالت ہو کر پیروی مقدمہ کریں بصورت دیگر کاروائی یکطرفہ عمل میں لائی جائے گی۔ آج
روزنامہ سیاست	روزنامہ سیاست	روزنامہ سیاست	روزنامہ سیاست	روزنامہ سیاست	روزنامہ سیاست	روزنامہ سیاست	روزنامہ سیاست
